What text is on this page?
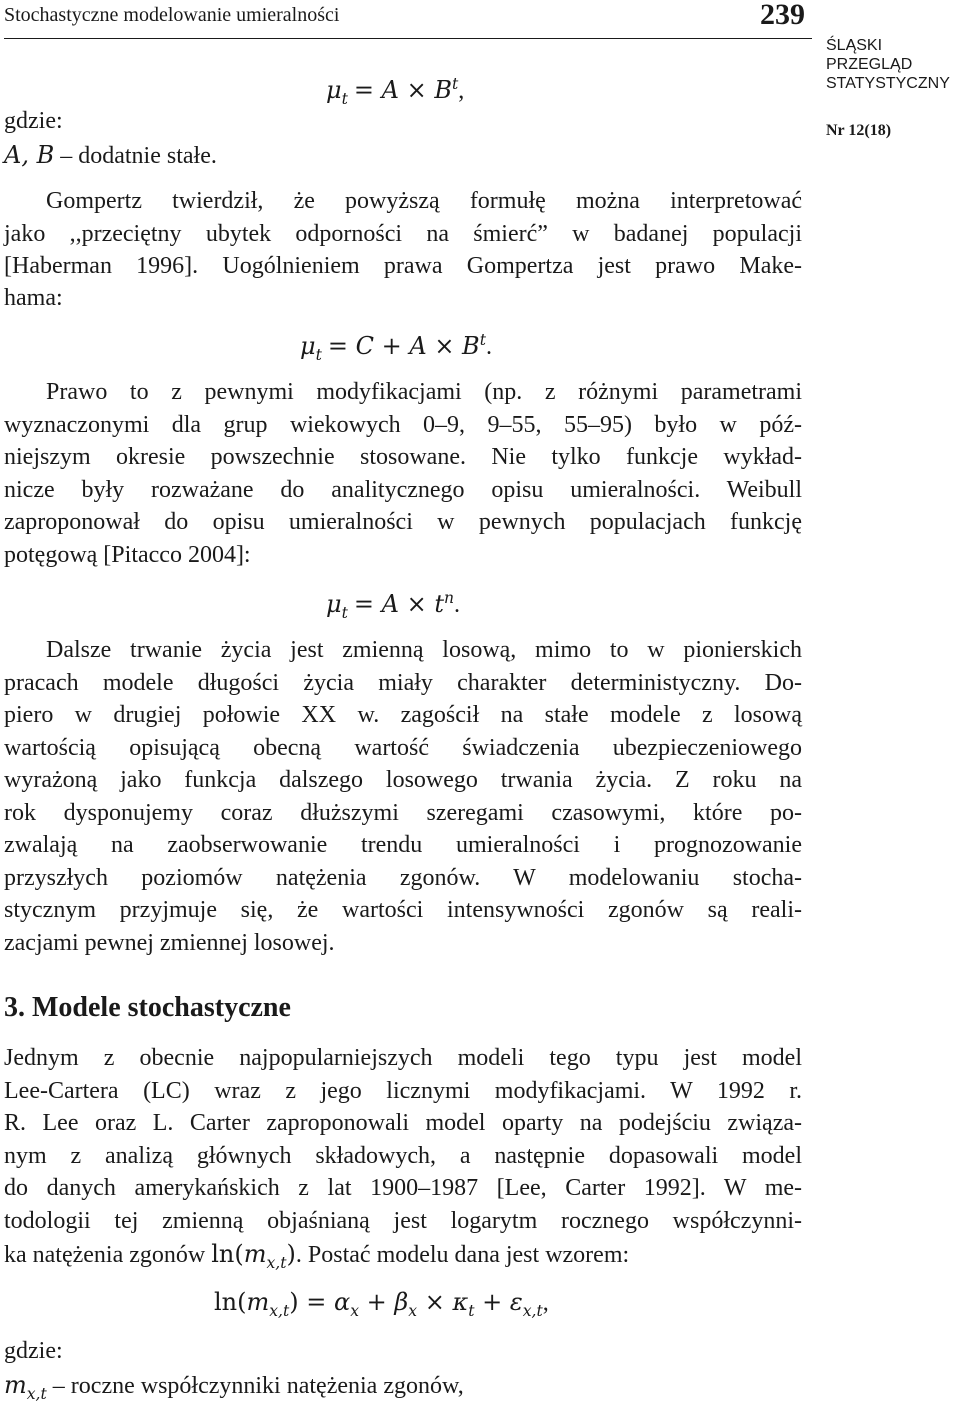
Stochastyczne modelowanie umieralności	239
ŚLĄSKI PRZEGLĄD STATYSTYCZNY
Nr 12(18)
$\mu_t = A \times B^t$,
gdzie:
A, B – dodatnie stałe.
Gompertz twierdził, że powyższą formułę można interpretować
jako ,,przeciętny ubytek odporności na śmierć” w badanej populacji
[Haberman 1996]. Uogólnieniem prawa Gompertza jest prawo Make-
hama:
$\mu_t = C + A \times B^t$.
Prawo to z pewnymi modyfikacjami (np. z różnymi parametrami
wyznaczonymi dla grup wiekowych 0–9, 9–55, 55–95) było w póź-
niejszym okresie powszechnie stosowane. Nie tylko funkcje wykład-
nicze były rozważane do analitycznego opisu umieralności. Weibull
zaproponował do opisu umieralności w pewnych populacjach funkcję
potęgową [Pitacco 2004]:
$\mu_t = A \times t^n$.
Dalsze trwanie życia jest zmienną losową, mimo to w pionierskich
pracach modele długości życia miały charakter deterministyczny. Do-
piero w drugiej połowie XX w. zagościł na stałe modele z losową
wartością opisującą obecną wartość świadczenia ubezpieczeniowego
wyrażoną jako funkcja dalszego losowego trwania życia. Z roku na
rok dysponujemy coraz dłuższymi szeregami czasowymi, które po-
zwalają na zaobserwowanie trendu umieralności i prognozowanie
przyszłych poziomów natężenia zgonów. W modelowaniu stocha-
stycznym przyjmuje się, że wartości intensywności zgonów są reali-
zacjami pewnej zmiennej losowej.
3. Modele stochastyczne
Jednym z obecnie najpopularniejszych modeli tego typu jest model
Lee-Cartera (LC) wraz z jego licznymi modyfikacjami. W 1992 r.
R. Lee oraz L. Carter zaproponowali model oparty na podejściu związa-
nym z analizą głównych składowych, a następnie dopasowali model
do danych amerykańskich z lat 1900–1987 [Lee, Carter 1992]. W me-
todologii tej zmienną objaśnianą jest logarytm rocznego współczynni-
ka natężenia zgonów $\ln(m_{x,t})$. Postać modelu dana jest wzorem:
$\ln(m_{x,t}) = \alpha_x + \beta_x \times \kappa_t + \varepsilon_{x,t}$,
gdzie:
$m_{x,t}$ – roczne współczynniki natężenia zgonów,
